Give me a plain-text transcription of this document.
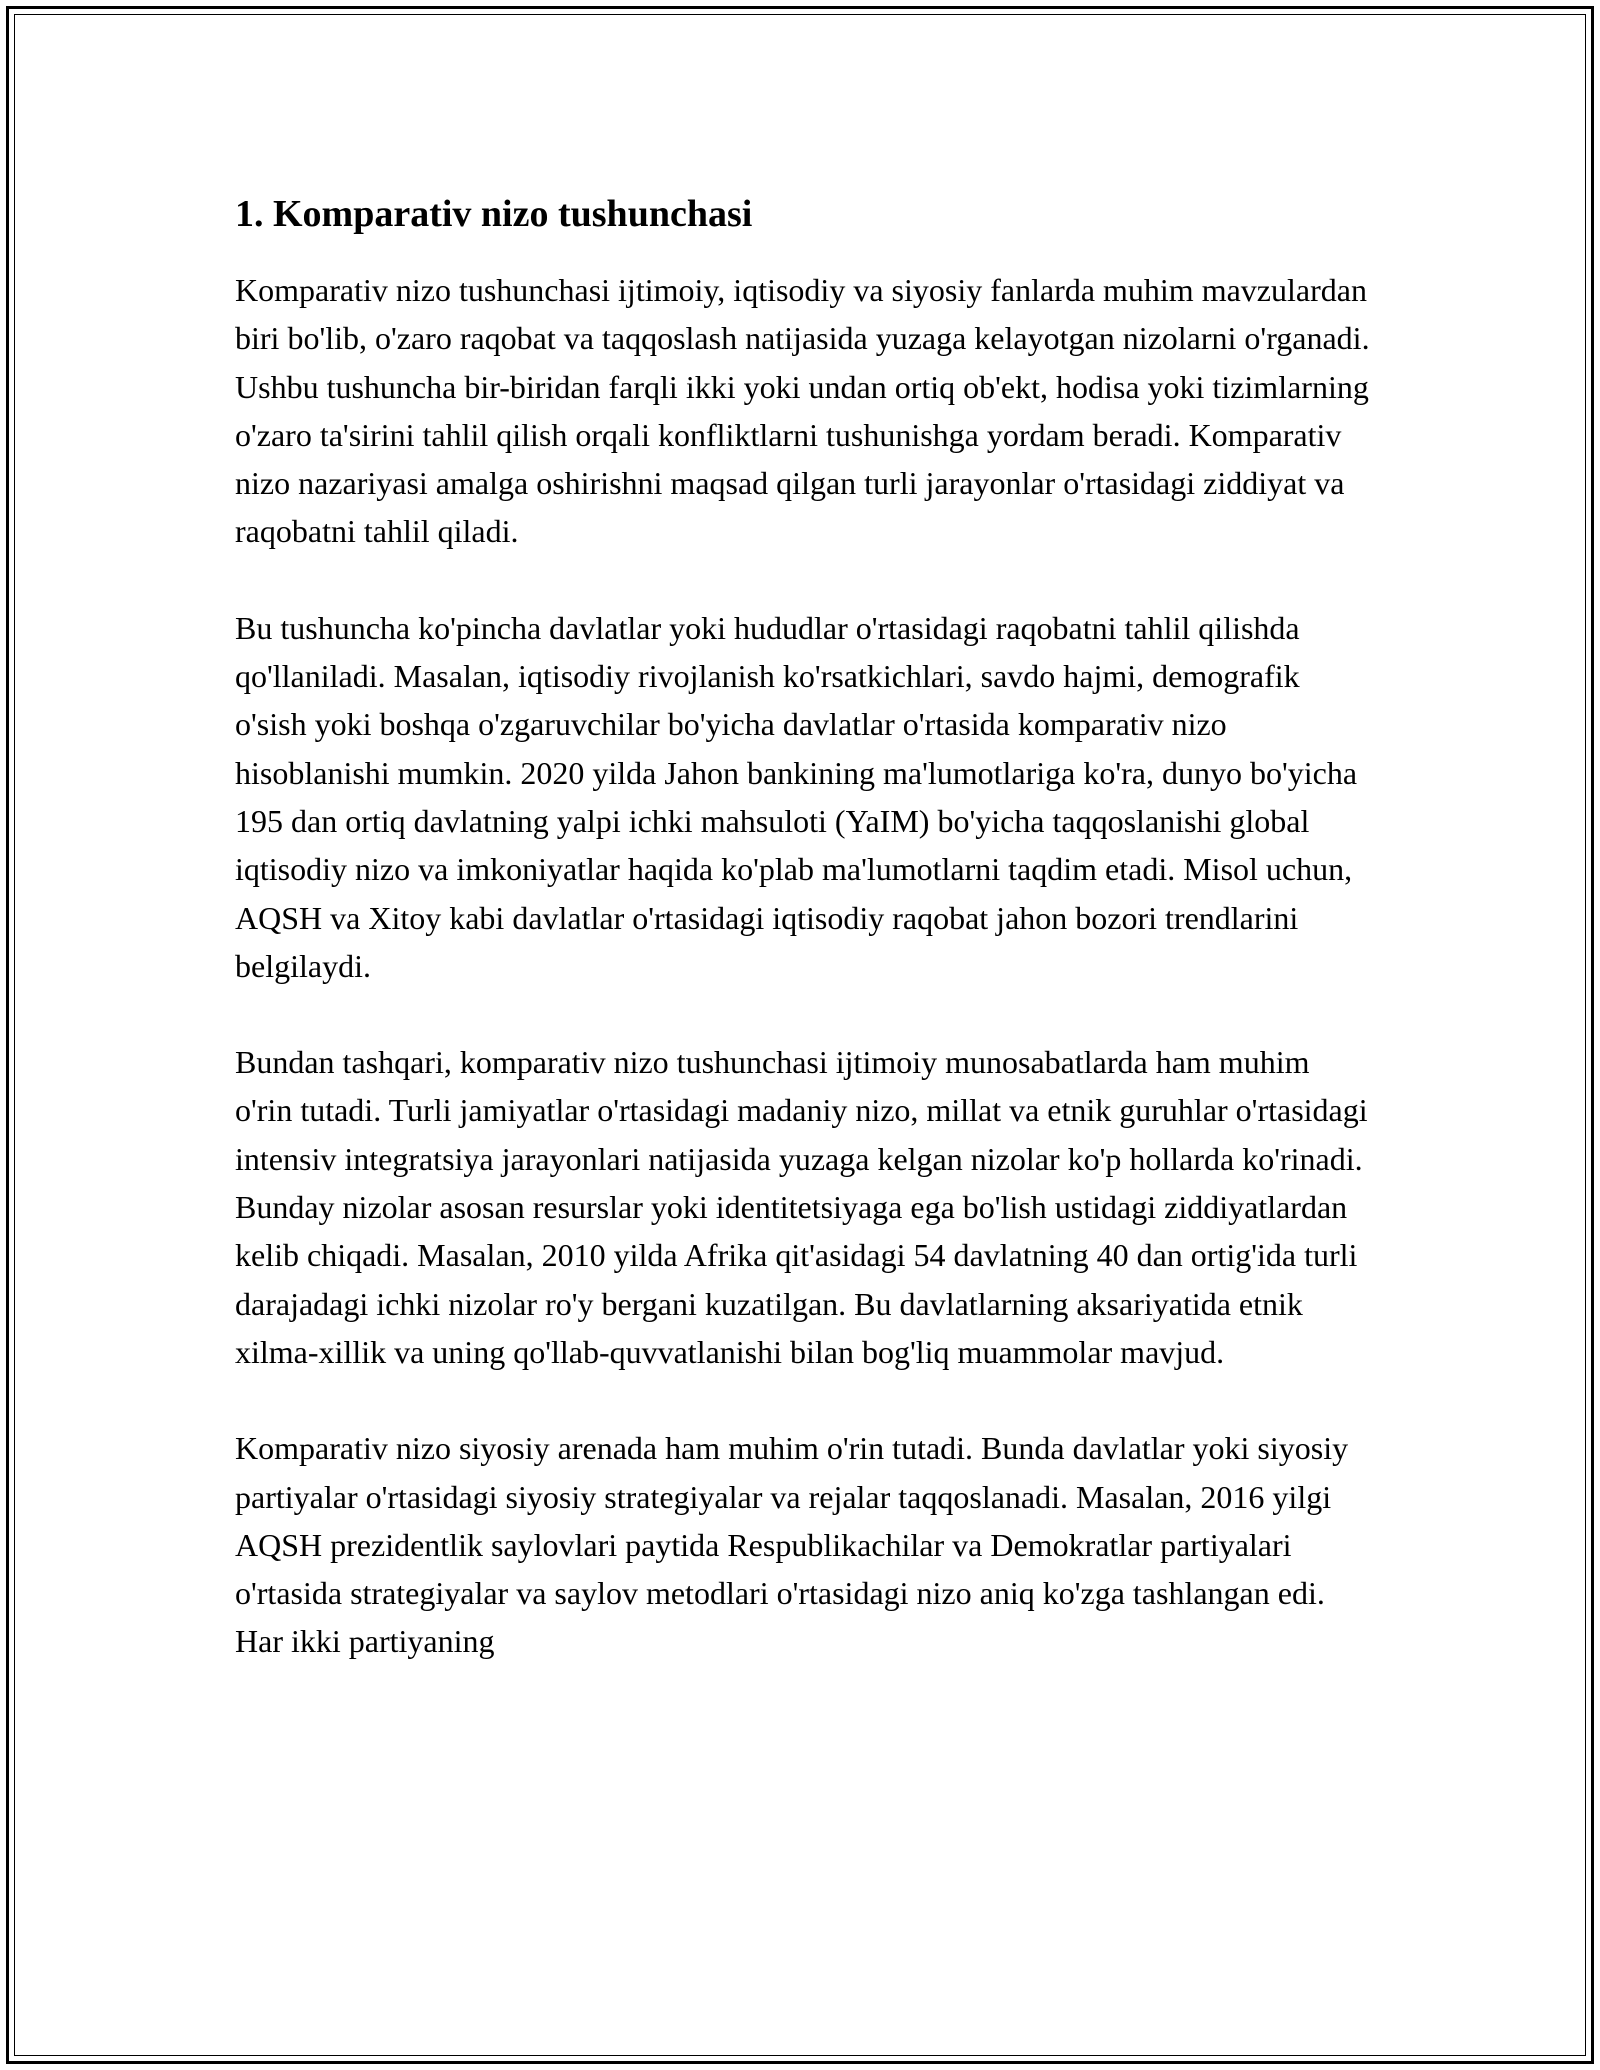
1. Komparativ nizo tushunchasi

Komparativ nizo tushunchasi ijtimoiy, iqtisodiy va siyosiy fanlarda muhim mavzulardan biri bo'lib, o'zaro raqobat va taqqoslash natijasida yuzaga kelayotgan nizolarni o'rganadi. Ushbu tushuncha bir-biridan farqli ikki yoki undan ortiq ob'ekt, hodisa yoki tizimlarning o'zaro ta'sirini tahlil qilish orqali konfliktlarni tushunishga yordam beradi. Komparativ nizo nazariyasi amalga oshirishni maqsad qilgan turli jarayonlar o'rtasidagi ziddiyat va raqobatni tahlil qiladi.

Bu tushuncha ko'pincha davlatlar yoki hududlar o'rtasidagi raqobatni tahlil qilishda qo'llaniladi. Masalan, iqtisodiy rivojlanish ko'rsatkichlari, savdo hajmi, demografik o'sish yoki boshqa o'zgaruvchilar bo'yicha davlatlar o'rtasida komparativ nizo hisoblanishi mumkin. 2020 yilda Jahon bankining ma'lumotlariga ko'ra, dunyo bo'yicha 195 dan ortiq davlatning yalpi ichki mahsuloti (YaIM) bo'yicha taqqoslanishi global iqtisodiy nizo va imkoniyatlar haqida ko'plab ma'lumotlarni taqdim etadi. Misol uchun, AQSH va Xitoy kabi davlatlar o'rtasidagi iqtisodiy raqobat jahon bozori trendlarini belgilaydi.

Bundan tashqari, komparativ nizo tushunchasi ijtimoiy munosabatlarda ham muhim o'rin tutadi. Turli jamiyatlar o'rtasidagi madaniy nizo, millat va etnik guruhlar o'rtasidagi intensiv integratsiya jarayonlari natijasida yuzaga kelgan nizolar ko'p hollarda ko'rinadi. Bunday nizolar asosan resurslar yoki identitetsiyaga ega bo'lish ustidagi ziddiyatlardan kelib chiqadi. Masalan, 2010 yilda Afrika qit'asidagi 54 davlatning 40 dan ortig'ida turli darajadagi ichki nizolar ro'y bergani kuzatilgan. Bu davlatlarning aksariyatida etnik xilma-xillik va uning qo'llab-quvvatlanishi bilan bog'liq muammolar mavjud.

Komparativ nizo siyosiy arenada ham muhim o'rin tutadi. Bunda davlatlar yoki siyosiy partiyalar o'rtasidagi siyosiy strategiyalar va rejalar taqqoslanadi. Masalan, 2016 yilgi AQSH prezidentlik saylovlari paytida Respublikachilar va Demokratlar partiyalari o'rtasida strategiyalar va saylov metodlari o'rtasidagi nizo aniq ko'zga tashlangan edi. Har ikki partiyaning
